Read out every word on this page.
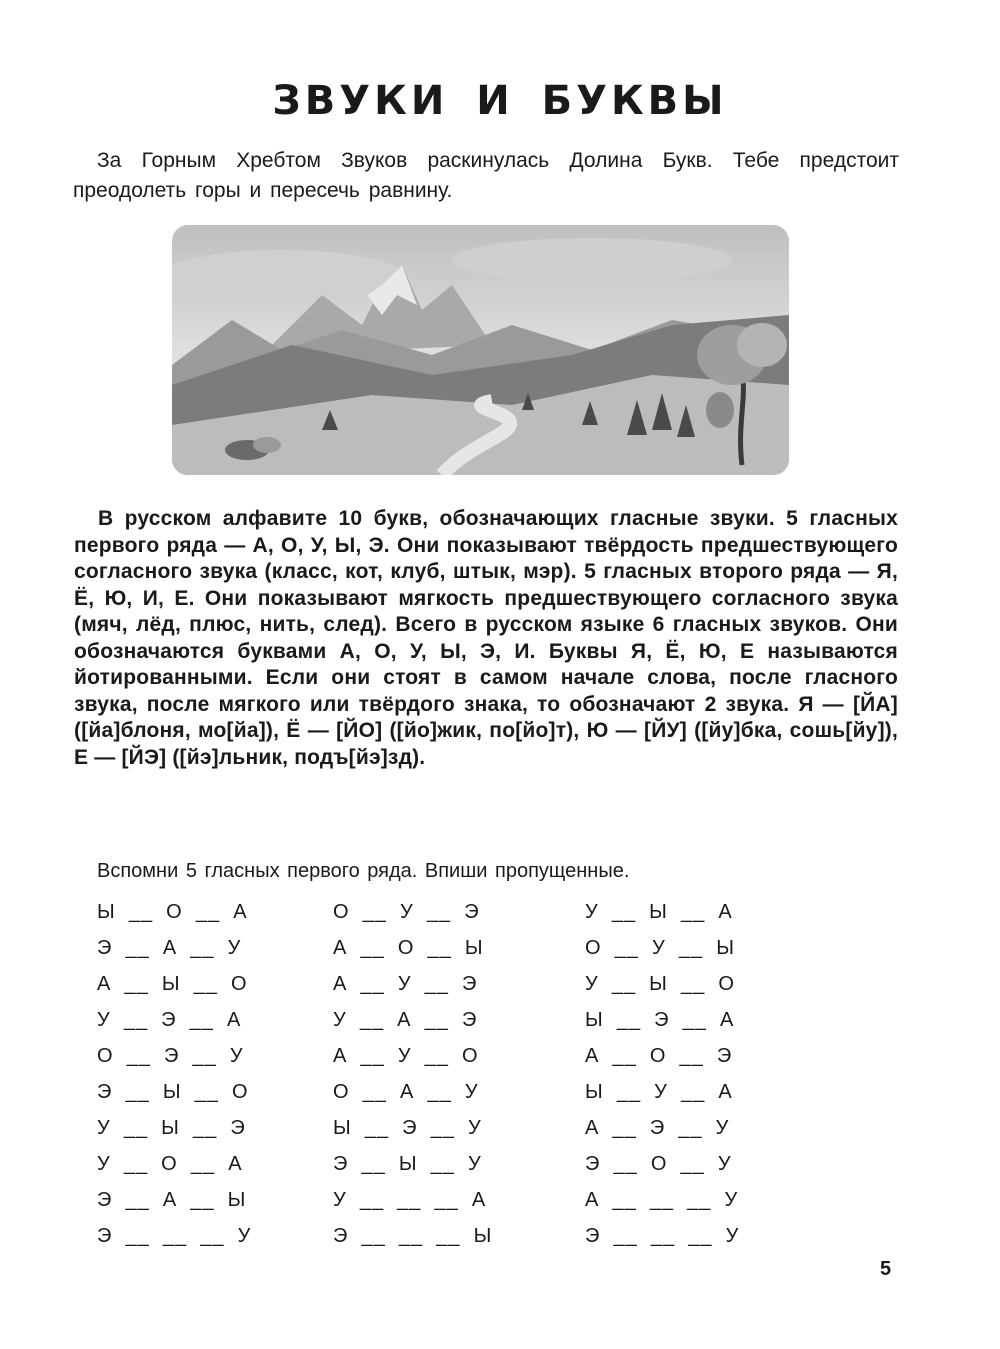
ЗВУКИ И БУКВЫ

За Горным Хребтом Звуков раскинулась Долина Букв. Тебе предстоит преодолеть горы и пересечь равнину.

В русском алфавите 10 букв, обозначающих гласные звуки. 5 гласных первого ряда — А, О, У, Ы, Э. Они показывают твёрдость предшествующего согласного звука (класс, кот, клуб, штык, мэр). 5 гласных второго ряда — Я, Ё, Ю, И, Е. Они показывают мягкость предшествующего согласного звука (мяч, лёд, плюс, нить, след). Всего в русском языке 6 гласных звуков. Они обозначаются буквами А, О, У, Ы, Э, И. Буквы Я, Ё, Ю, Е называются йотированными. Если они стоят в самом начале слова, после гласного звука, после мягкого или твёрдого знака, то обозначают 2 звука. Я — [ЙА] ([йа]блоня, мо[йа]), Ё — [ЙО] ([йо]жик, по[йо]т), Ю — [ЙУ] ([йу]бка, сошь[йу]), Е — [ЙЭ] ([йэ]льник, подъ[йэ]зд).

Вспомни 5 гласных первого ряда. Впиши пропущенные.

Ы  __  О  __  А
Э  __  А  __  У
А  __  Ы  __  О
У  __  Э  __  А
О  __  Э  __  У
Э  __  Ы  __  О
У  __  Ы  __  Э
У  __  О  __  А
Э  __  А  __  Ы
Э  __  __  __  У
О  __  У  __  Э
А  __  О  __  Ы
А  __  У  __  Э
У  __  А  __  Э
А  __  У  __  О
О  __  А  __  У
Ы  __  Э  __  У
Э  __  Ы  __  У
У  __  __  __  А
Э  __  __  __  Ы
У  __  Ы  __  А
О  __  У  __  Ы
У  __  Ы  __  О
Ы  __  Э  __  А
А  __  О  __  Э
Ы  __  У  __  А
А  __  Э  __  У
Э  __  О  __  У
А  __  __  __  У
Э  __  __  __  У

5
